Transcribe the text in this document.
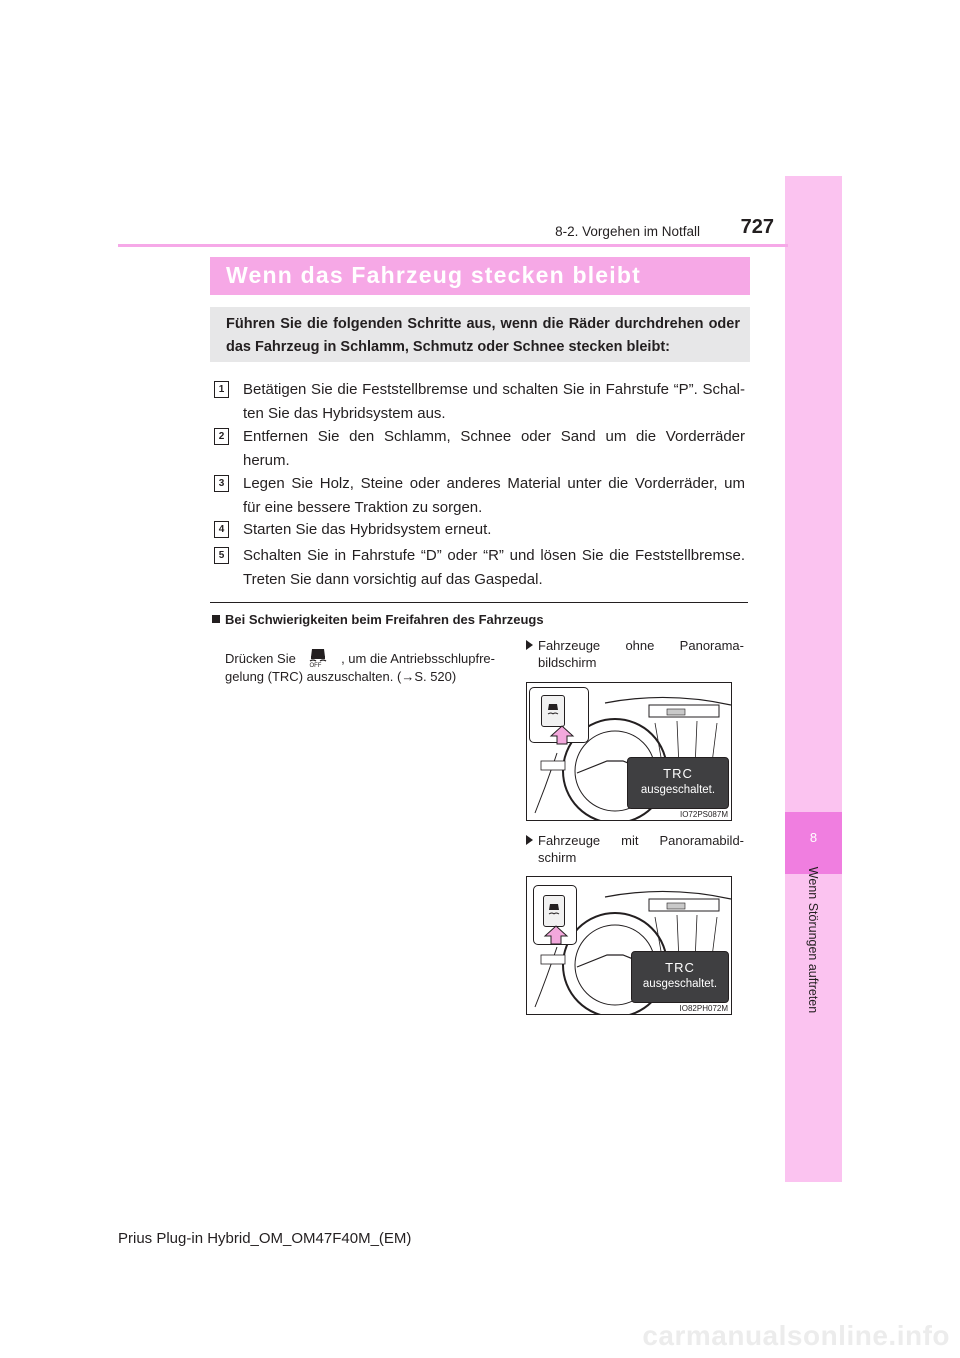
8
Wenn Störungen auftreten
727
8-2. Vorgehen im Notfall
Wenn das Fahrzeug stecken bleibt
Führen Sie die folgenden Schritte aus, wenn die Räder durchdrehen oder das Fahrzeug in Schlamm, Schmutz oder Schnee stecken bleibt:
1	Betätigen Sie die Feststellbremse und schalten Sie in Fahrstufe “P”. Schal-
ten Sie das Hybridsystem aus.
2	Entfernen Sie den Schlamm, Schnee oder Sand um die Vorderräder
herum.
3	Legen Sie Holz, Steine oder anderes Material unter die Vorderräder, um
für eine bessere Traktion zu sorgen.
4	Starten Sie das Hybridsystem erneut.
5	Schalten Sie in Fahrstufe “D” oder “R” und lösen Sie die Feststellbremse.
Treten Sie dann vorsichtig auf das Gaspedal.
Bei Schwierigkeiten beim Freifahren des Fahrzeugs
Drücken Sie OFF , um die Antriebsschlupfre-
gelung (TRC) auszuschalten. (→S. 520)
Fahrzeuge ohne Panorama-
bildschirm
TRC
ausgeschaltet.
IO72PS087M
Fahrzeuge mit Panoramabild-
schirm
TRC
ausgeschaltet.
IO82PH072M
Prius Plug-in Hybrid_OM_OM47F40M_(EM)
carmanualsonline.info
